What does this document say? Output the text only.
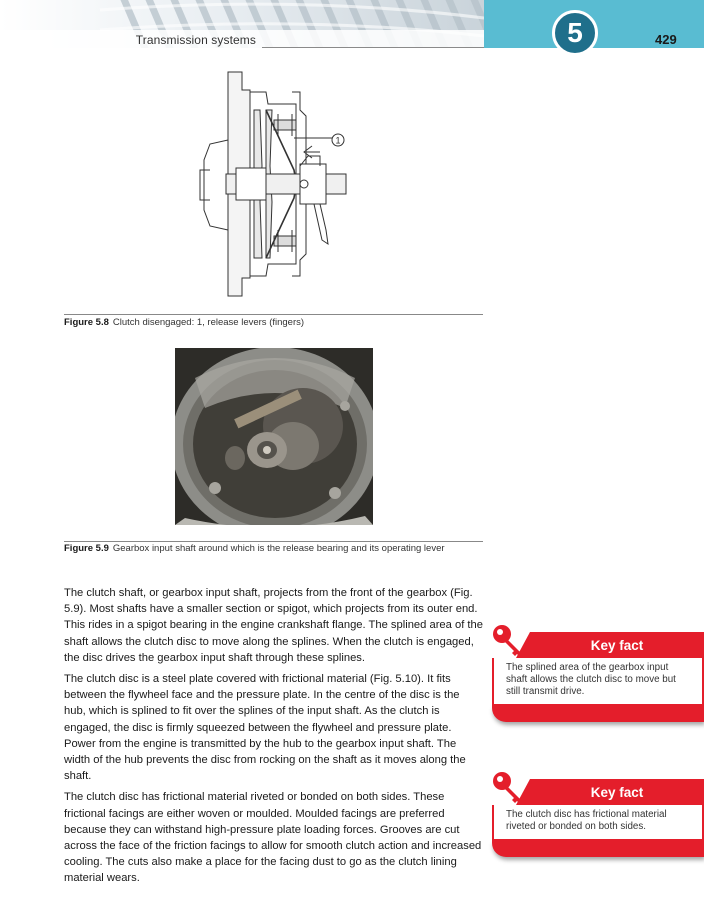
Transmission systems	5	429
1
Figure 5.8 Clutch disengaged: 1, release levers (fingers)
Figure 5.9 Gearbox input shaft around which is the release bearing and its operating lever

The clutch shaft, or gearbox input shaft, projects from the front of the gearbox (Fig. 5.9). Most shafts have a smaller section or spigot, which projects from its outer end. This rides in a spigot bearing in the engine crankshaft flange. The splined area of the shaft allows the clutch disc to move along the splines. When the clutch is engaged, the disc drives the gearbox input shaft through these splines.

The clutch disc is a steel plate covered with frictional material (Fig. 5.10). It fits between the flywheel face and the pressure plate. In the centre of the disc is the hub, which is splined to fit over the splines of the input shaft. As the clutch is engaged, the disc is firmly squeezed between the flywheel and pressure plate. Power from the engine is transmitted by the hub to the gearbox input shaft. The width of the hub prevents the disc from rocking on the shaft as it moves along the shaft.

The clutch disc has frictional material riveted or bonded on both sides. These frictional facings are either woven or moulded. Moulded facings are preferred because they can withstand high-pressure plate loading forces. Grooves are cut across the face of the friction facings to allow for smooth clutch action and increased cooling. The cuts also make a place for the facing dust to go as the clutch lining material wears.

Key fact
The splined area of the gearbox input shaft allows the clutch disc to move but still transmit drive.
Key fact
The clutch disc has frictional material riveted or bonded on both sides.
